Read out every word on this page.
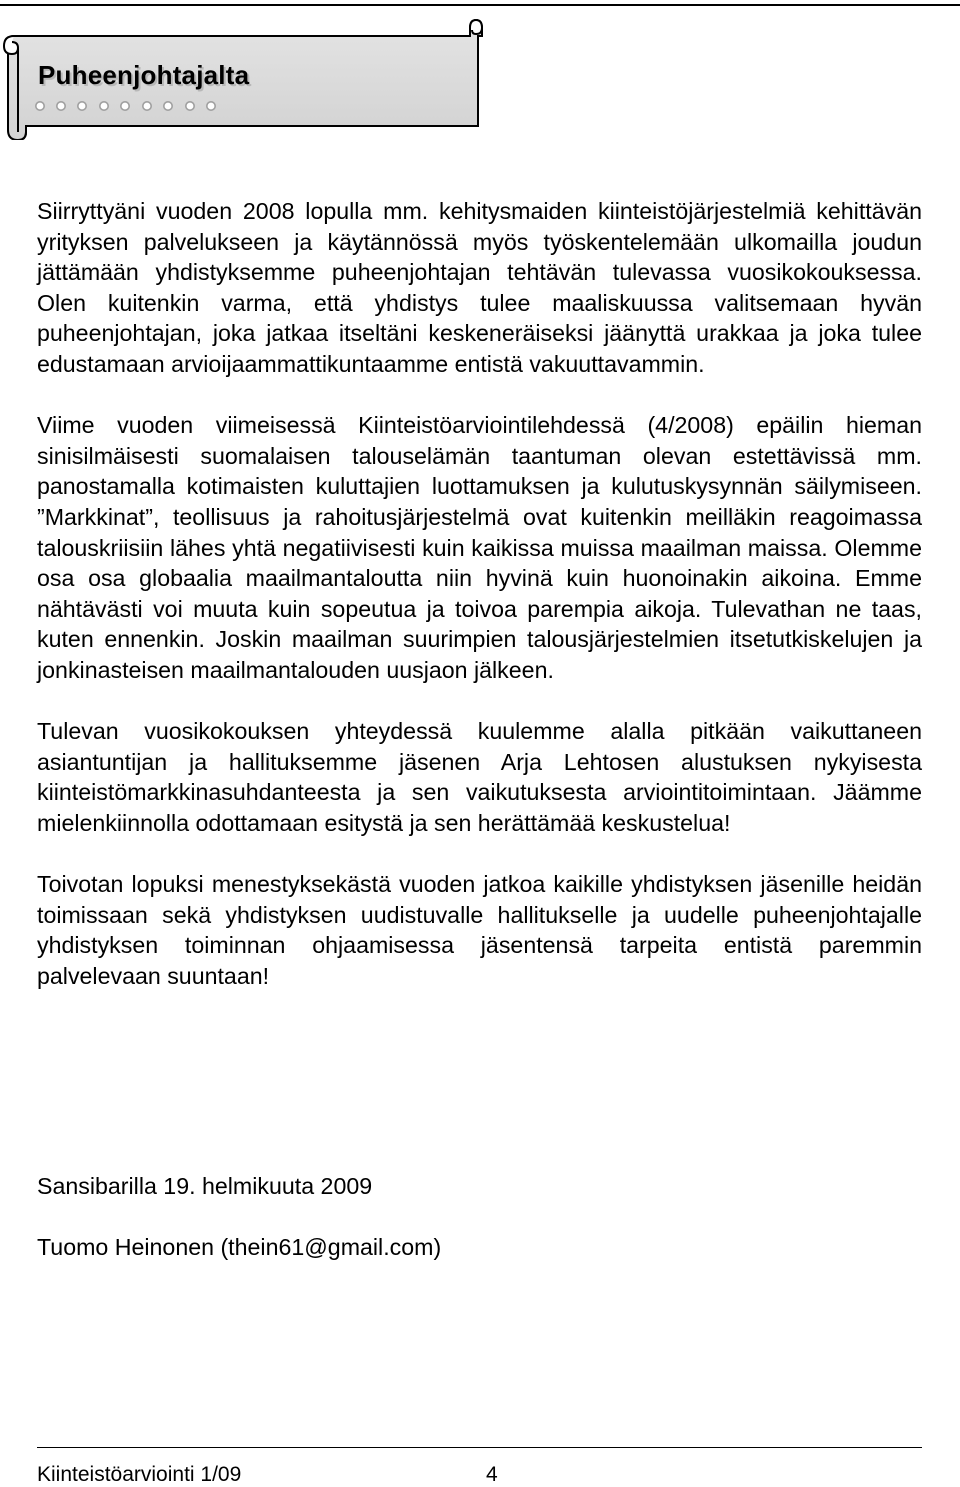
Puheenjohtajalta

Siirryttyäni vuoden 2008 lopulla mm. kehitysmaiden kiinteistöjärjestelmiä kehittävän yrityksen palvelukseen ja käytännössä myös työskentelemään ulkomailla joudun jättämään yhdistyksemme puheenjohtajan tehtävän tulevassa vuosikokouksessa. Olen kuitenkin varma, että yhdistys tulee maaliskuussa valitsemaan hyvän puheenjohtajan, joka jatkaa itseltäni keskeneräiseksi jäänyttä urakkaa ja joka tulee edustamaan arvioijaammattikuntaamme entistä vakuuttavammin.

Viime vuoden viimeisessä Kiinteistöarviointilehdessä (4/2008) epäilin hieman sinisilmäisesti suomalaisen talouselämän taantuman olevan estettävissä mm. panostamalla kotimaisten kuluttajien luottamuksen ja kulutuskysynnän säilymiseen. ”Markkinat”, teollisuus ja rahoitusjärjestelmä ovat kuitenkin meilläkin reagoimassa talouskriisiin lähes yhtä negatiivisesti kuin kaikissa muissa maailman maissa. Olemme osa osa globaalia maailmantaloutta niin hyvinä kuin huonoinakin aikoina. Emme nähtävästi voi muuta kuin sopeutua ja toivoa parempia aikoja. Tulevathan ne taas, kuten ennenkin. Joskin maailman suurimpien talousjärjestelmien itsetutkiskelujen ja jonkinasteisen maailmantalouden uusjaon jälkeen.

Tulevan vuosikokouksen yhteydessä kuulemme alalla pitkään vaikuttaneen asiantuntijan ja hallituksemme jäsenen Arja Lehtosen alustuksen nykyisesta kiinteistömarkkinasuhdanteesta ja sen vaikutuksesta arviointitoimintaan. Jäämme mielenkiinnolla odottamaan esitystä ja sen herättämää keskustelua!

Toivotan lopuksi menestyksekästä vuoden jatkoa kaikille yhdistyksen jäsenille heidän toimissaan sekä yhdistyksen uudistuvalle hallitukselle ja uudelle puheenjohtajalle yhdistyksen toiminnan ohjaamisessa jäsentensä tarpeita entistä paremmin palvelevaan suuntaan!

Sansibarilla 19. helmikuuta 2009
Tuomo Heinonen (thein61@gmail.com)
Kiinteistöarviointi 1/09	4
